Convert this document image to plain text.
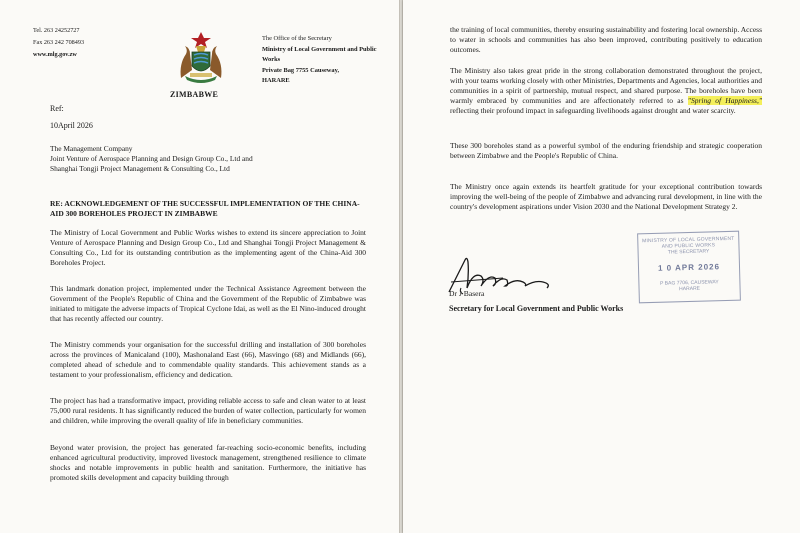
Tel. 263 24252727
Fax 263 242 708493
www.mlg.gov.zw
ZIMBABWE
The Office of the Secretary
Ministry of Local Government and Public Works
Private Bag 7755 Causeway,
HARARE
Ref:
10April 2026
The Management Company
Joint Venture of Aerospace Planning and Design Group Co., Ltd and
Shanghai Tongji Project Management & Consulting Co., Ltd
RE: ACKNOWLEDGEMENT OF THE SUCCESSFUL IMPLEMENTATION OF THE CHINA-AID 300 BOREHOLES PROJECT IN ZIMBABWE
The Ministry of Local Government and Public Works wishes to extend its sincere appreciation to Joint Venture of Aerospace Planning and Design Group Co., Ltd and Shanghai Tongji Project Management & Consulting Co., Ltd for its outstanding contribution as the implementing agent of the China-Aid 300 Boreholes Project.
This landmark donation project, implemented under the Technical Assistance Agreement between the Government of the People's Republic of China and the Government of the Republic of Zimbabwe was initiated to mitigate the adverse impacts of Tropical Cyclone Idai, as well as the El Nino-induced drought that has recently affected our country.
The Ministry commends your organisation for the successful drilling and installation of 300 boreholes across the provinces of Manicaland (100), Mashonaland East (66), Masvingo (68) and Midlands (66), completed ahead of schedule and to commendable quality standards. This achievement stands as a testament to your professionalism, efficiency and dedication.
The project has had a transformative impact, providing reliable access to safe and clean water to at least 75,000 rural residents. It has significantly reduced the burden of water collection, particularly for women and children, while improving the overall quality of life in beneficiary communities.
Beyond water provision, the project has generated far-reaching socio-economic benefits, including enhanced agricultural productivity, improved livestock management, strengthened resilience to climate shocks and notable improvements in public health and sanitation. Furthermore, the initiative has promoted skills development and capacity building through
the training of local communities, thereby ensuring sustainability and fostering local ownership. Access to water in schools and communities has also been improved, contributing positively to education outcomes.
The Ministry also takes great pride in the strong collaboration demonstrated throughout the project, with your teams working closely with other Ministries, Departments and Agencies, local authorities and communities in a spirit of partnership, mutual respect, and shared purpose. The boreholes have been warmly embraced by communities and are affectionately referred to as "Spring of Happiness," reflecting their profound impact in safeguarding livelihoods against drought and water scarcity.
These 300 boreholes stand as a powerful symbol of the enduring friendship and strategic cooperation between Zimbabwe and the People's Republic of China.
The Ministry once again extends its heartfelt gratitude for your exceptional contribution towards improving the well-being of the people of Zimbabwe and advancing rural development, in line with the country's development aspirations under Vision 2030 and the National Development Strategy 2.
MINISTRY OF LOCAL GOVERNMENT AND PUBLIC WORKS
THE SECRETARY
1 0 APR 2026
P BAG 7706, CAUSEWAY
HARARE
Dr J Basera
Secretary for Local Government and Public Works
